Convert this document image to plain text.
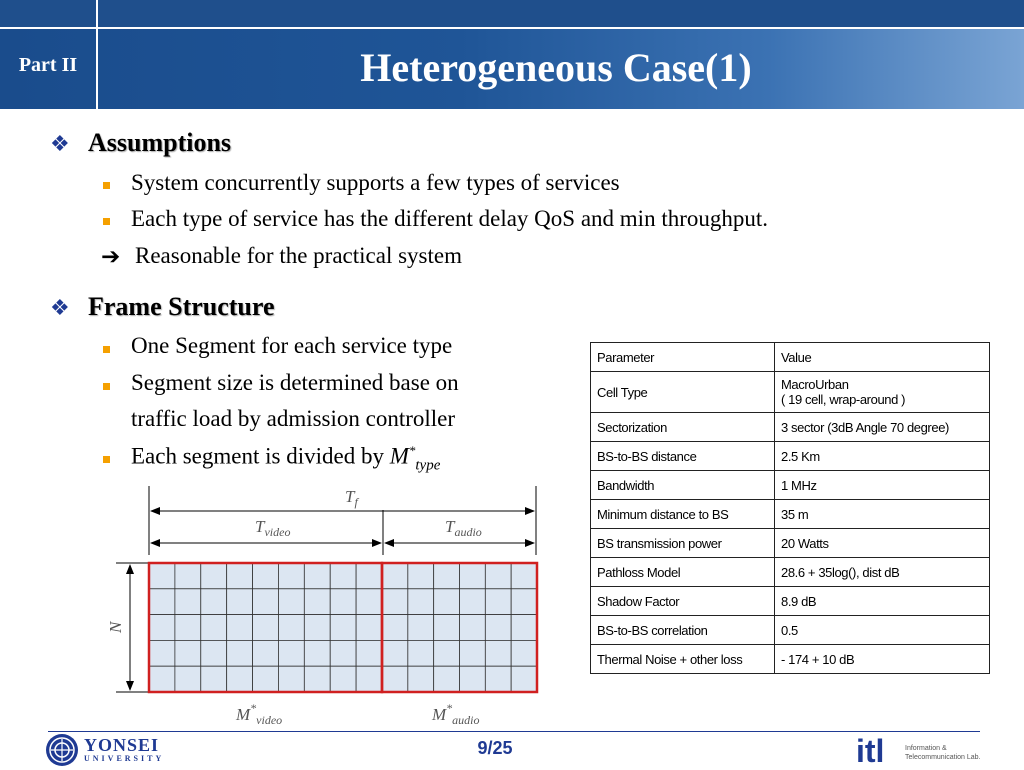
Part II	Heterogeneous Case(1)
❖ Assumptions
System concurrently supports a few types of services
Each type of service has the different delay QoS and min throughput.
➔ Reasonable for the practical system
❖ Frame Structure
One Segment for each service type
Segment size is determined base on
traffic load by admission controller
Each segment is divided by $M^*_{type}$
$T_f$
$T_{video}$	$T_{audio}$
N
$M^*_{video}$	$M^*_{audio}$
Parameter	Value
Cell Type	MacroUrban
( 19 cell, wrap-around )
Sectorization	3 sector (3dB Angle 70 degree)
BS-to-BS distance	2.5 Km
Bandwidth	1 MHz
Minimum distance to BS	35 m
BS transmission power	20 Watts
Pathloss Model	28.6 + 35log(), dist dB
Shadow Factor	8.9 dB
BS-to-BS correlation	0.5
Thermal Noise + other loss	- 174 + 10 dB
YONSEI
UNIVERSITY
9/25	itl	Information &
Telecommunication Lab.
